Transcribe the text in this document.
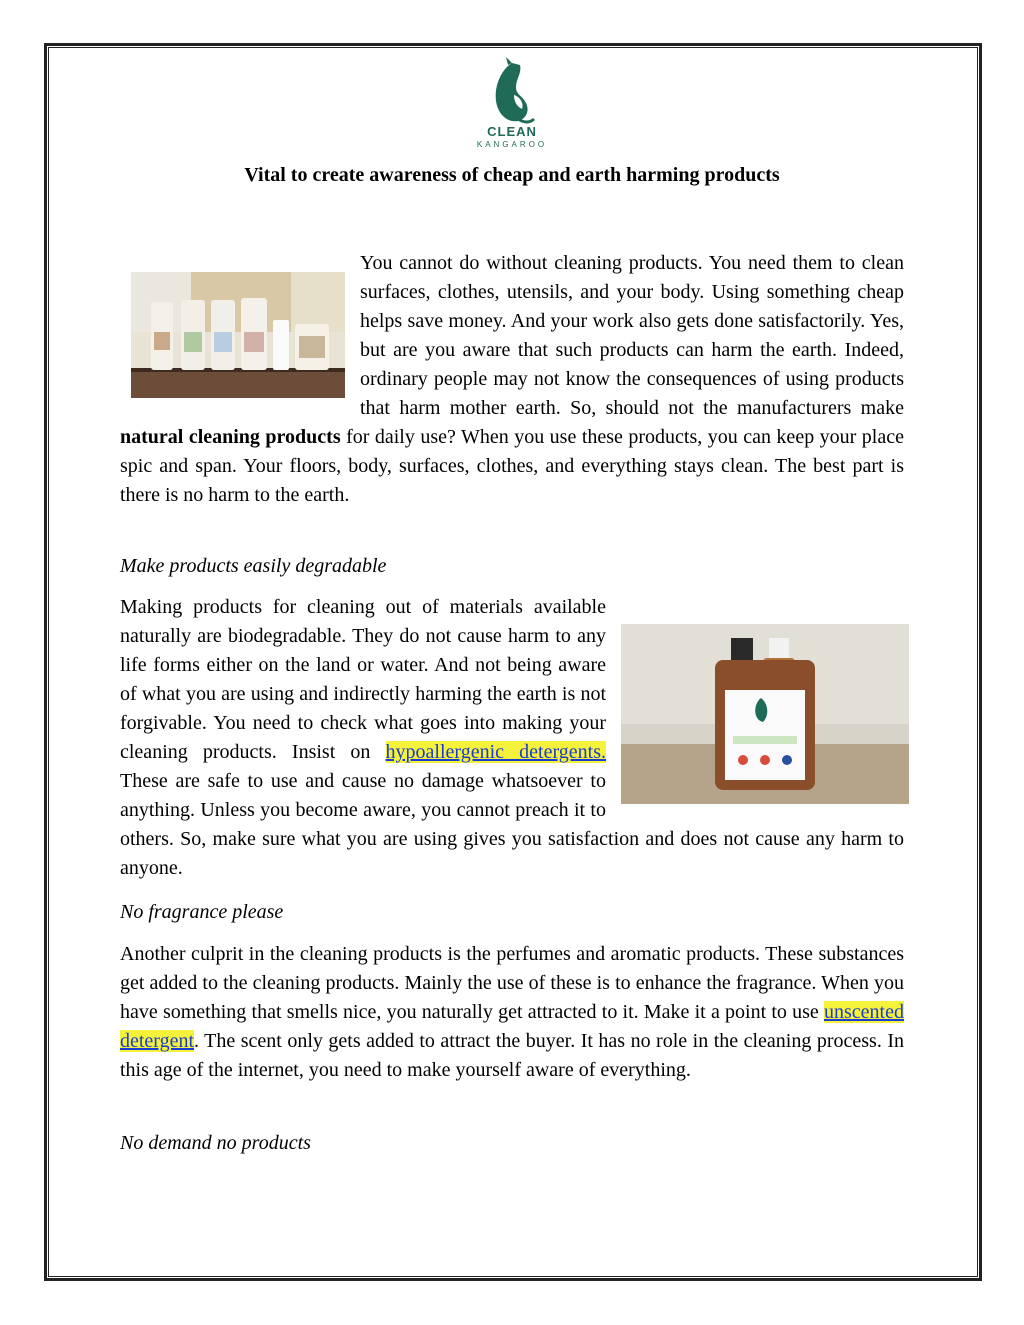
CLEAN
KANGAROO
Vital to create awareness of cheap and earth harming products

You cannot do without cleaning products. You need them to clean surfaces, clothes, utensils, and your body. Using something cheap helps save money. And your work also gets done satisfactorily. Yes, but are you aware that such products can harm the earth. Indeed, ordinary people may not know the consequences of using products that harm mother earth. So, should not the manufacturers make natural cleaning products for daily use? When you use these products, you can keep your place spic and span. Your floors, body, surfaces, clothes, and everything stays clean. The best part is there is no harm to the earth.

Make products easily degradable

Making products for cleaning out of materials available naturally are biodegradable. They do not cause harm to any life forms either on the land or water. And not being aware of what you are using and indirectly harming the earth is not forgivable. You need to check what goes into making your cleaning products. Insist on hypoallergenic detergents. These are safe to use and cause no damage whatsoever to anything. Unless you become aware, you cannot preach it to others. So, make sure what you are using gives you satisfaction and does not cause any harm to anyone.

No fragrance please

Another culprit in the cleaning products is the perfumes and aromatic products. These substances get added to the cleaning products. Mainly the use of these is to enhance the fragrance. When you have something that smells nice, you naturally get attracted to it. Make it a point to use unscented detergent. The scent only gets added to attract the buyer. It has no role in the cleaning process. In this age of the internet, you need to make yourself aware of everything.

No demand no products
